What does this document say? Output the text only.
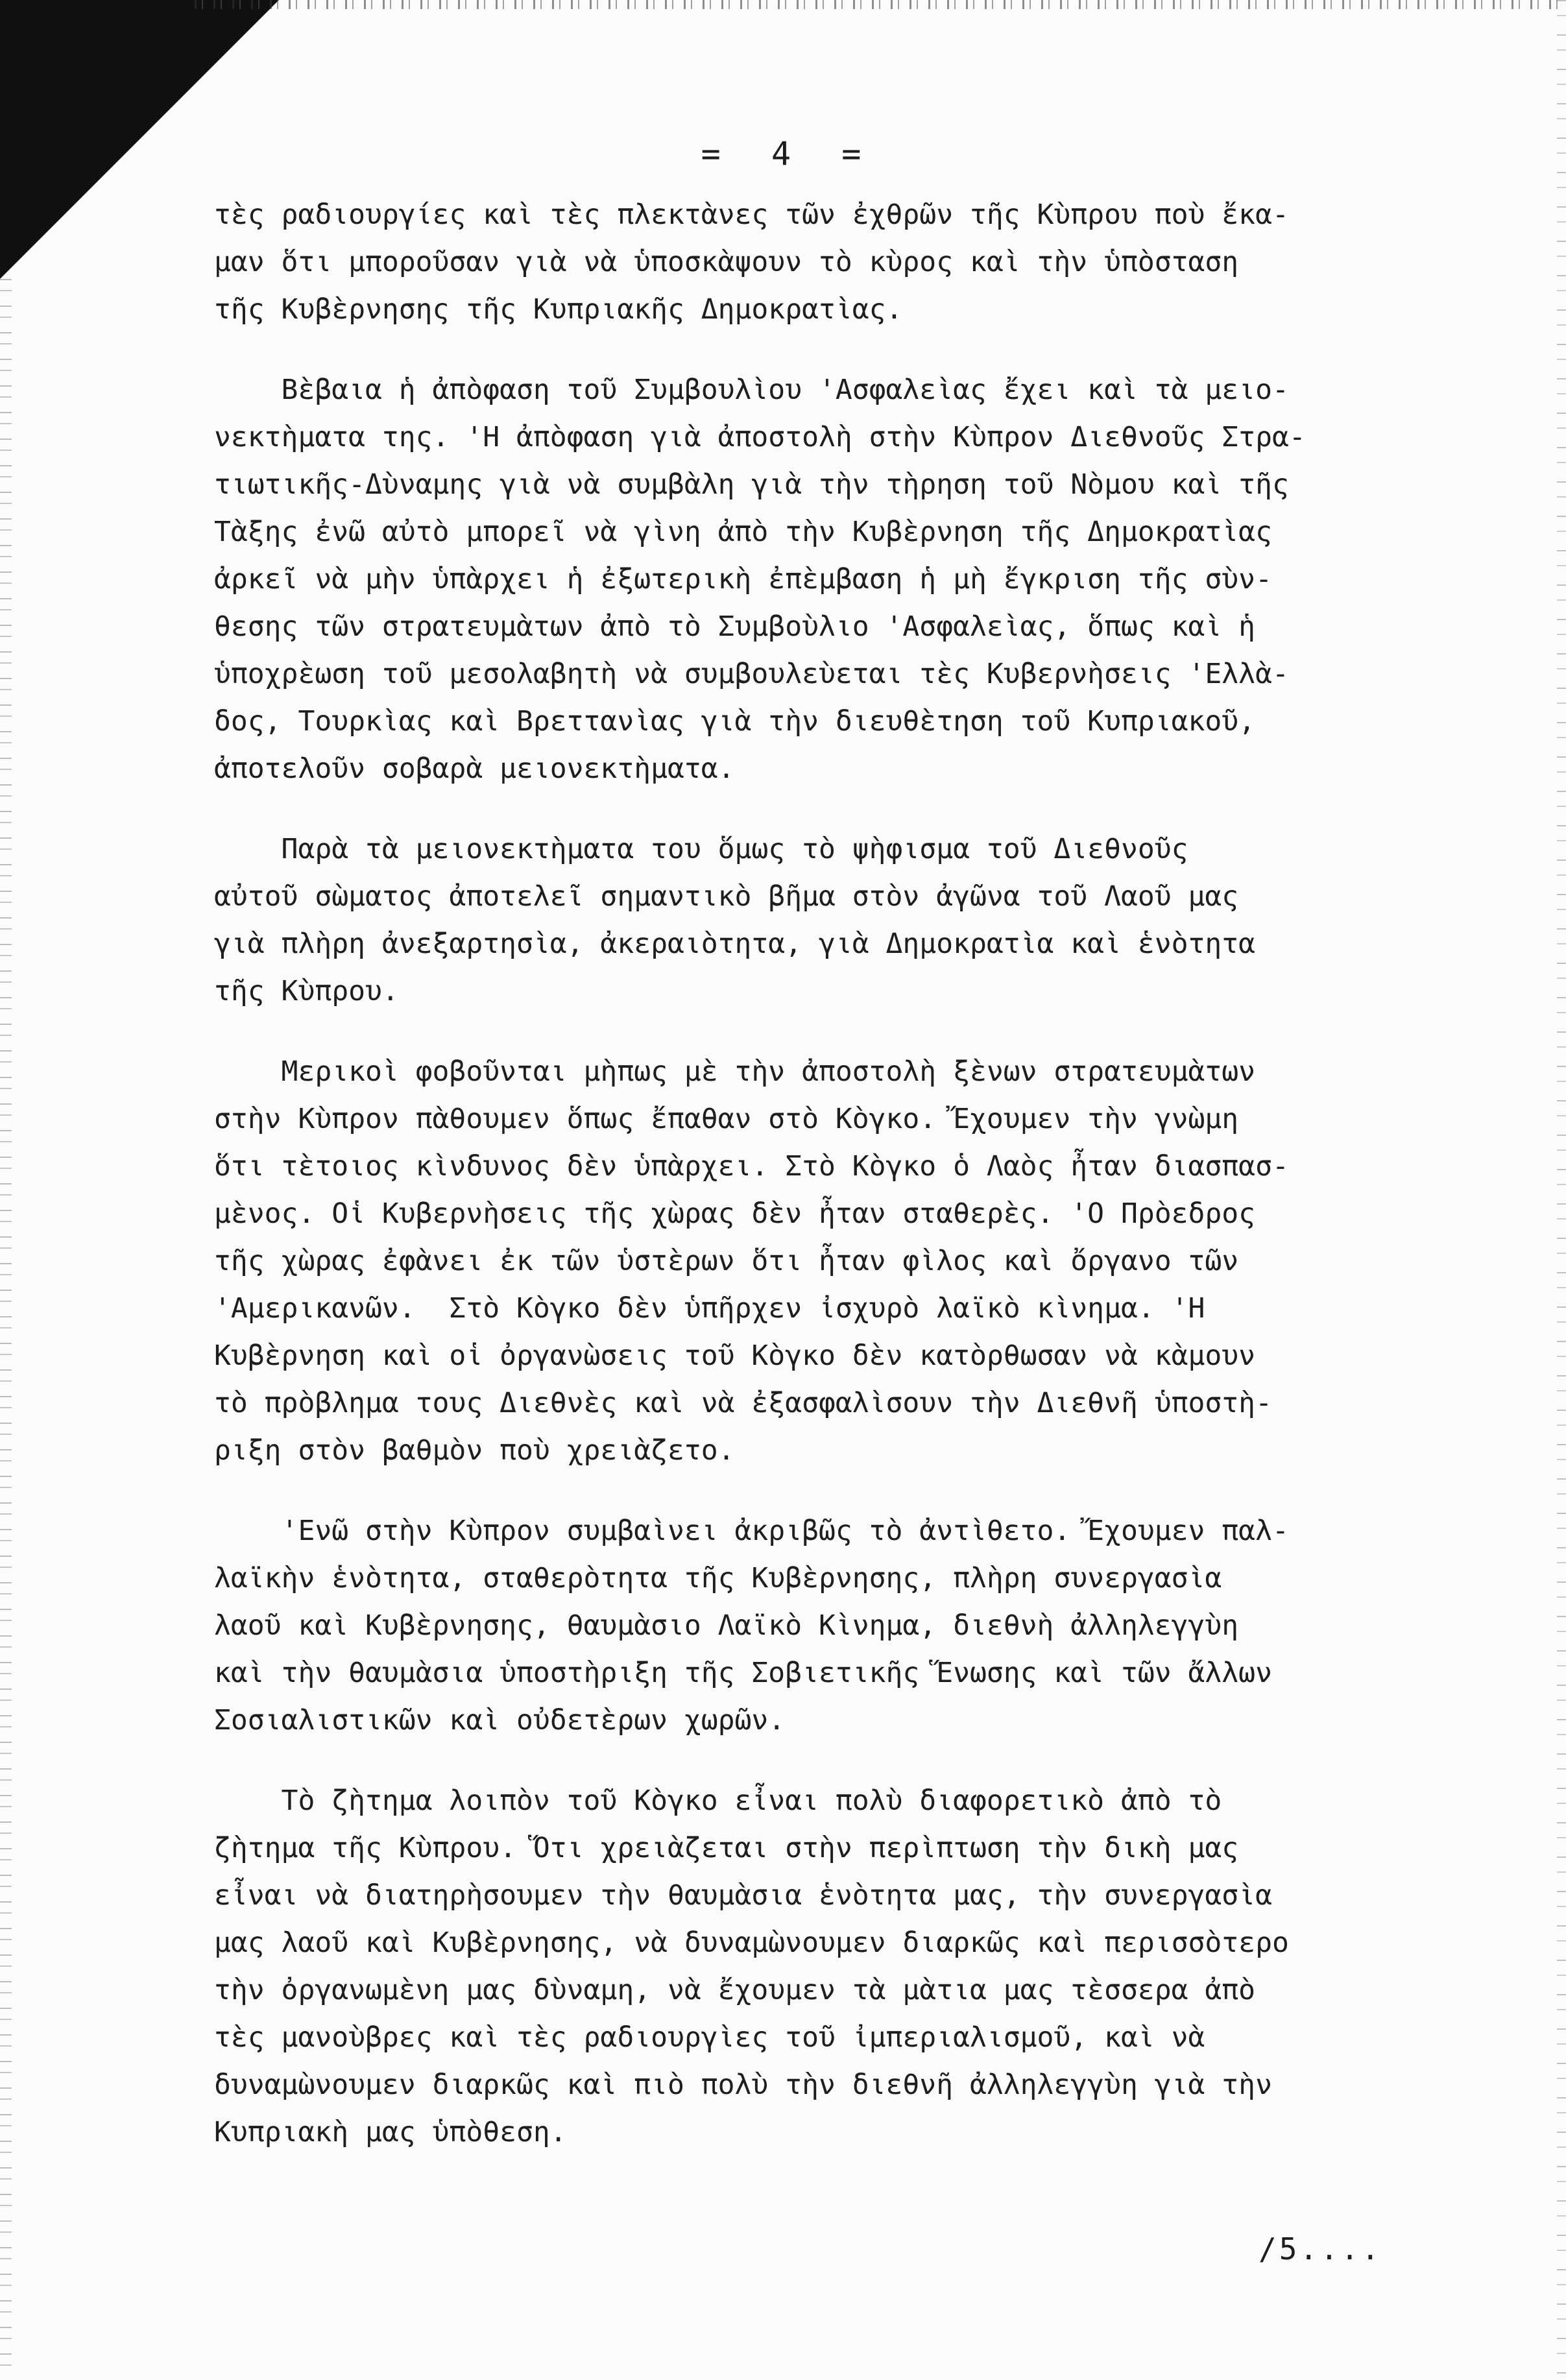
=  4  =
τὲς ραδιουργίες καὶ τὲς πλεκτὰνες τῶν ἐχθρῶν τῆς Κὺπρου ποὺ ἔκα-
μαν ὅτι μποροῦσαν γιὰ νὰ ὑποσκὰψουν τὸ κὺρος καὶ τὴν ὑπὸσταση
τῆς Κυβὲρνησης τῆς Κυπριακῆς Δημοκρατὶας.
Βὲβαια ἡ ἀπὸφαση τοῦ Συμβουλὶου 'Ασφαλεὶας ἔχει καὶ τὰ μειο-
νεκτὴματα της. 'Η ἀπὸφαση γιὰ ἀποστολὴ στὴν Κὺπρον Διεθνοῦς Στρα-
τιωτικῆς-Δὺναμης γιὰ νὰ συμβὰλη γιὰ τὴν τὴρηση τοῦ Νὸμου καὶ τῆς
Τὰξης ἐνῶ αὐτὸ μπορεῖ νὰ γὶνη ἀπὸ τὴν Κυβὲρνηση τῆς Δημοκρατὶας
ἀρκεῖ νὰ μὴν ὑπὰρχει ἡ ἐξωτερικὴ ἐπὲμβαση ἡ μὴ ἔγκριση τῆς σὺν-
θεσης τῶν στρατευμὰτων ἀπὸ τὸ Συμβοὺλιο 'Ασφαλεὶας, ὅπως καὶ ἡ
ὑποχρὲωση τοῦ μεσολαβητὴ νὰ συμβουλεὺεται τὲς Κυβερνὴσεις 'Ελλὰ-
δος, Τουρκὶας καὶ Βρεττανὶας γιὰ τὴν διευθὲτηση τοῦ Κυπριακοῦ,
ἀποτελοῦν σοβαρὰ μειονεκτὴματα.
Παρὰ τὰ μειονεκτὴματα του ὅμως τὸ ψὴφισμα τοῦ Διεθνοῦς
αὐτοῦ σὼματος ἀποτελεῖ σημαντικὸ βῆμα στὸν ἀγῶνα τοῦ Λαοῦ μας
γιὰ πλὴρη ἀνεξαρτησὶα, ἀκεραιὸτητα, γιὰ Δημοκρατὶα καὶ ἑνὸτητα
τῆς Κὺπρου.
Μερικοὶ φοβοῦνται μὴπως μὲ τὴν ἀποστολὴ ξὲνων στρατευμὰτων
στὴν Κὺπρον πὰθουμεν ὅπως ἔπαθαν στὸ Κὸγκο. Ἔχουμεν τὴν γνὼμη
ὅτι τὲτοιος κὶνδυνος δὲν ὑπὰρχει. Στὸ Κὸγκο ὁ Λαὸς ἦταν διασπασ-
μὲνος. Οἱ Κυβερνὴσεις τῆς χὼρας δὲν ἦταν σταθερὲς. 'Ο Πρὸεδρος
τῆς χὼρας ἐφὰνει ἐκ τῶν ὑστὲρων ὅτι ἦταν φὶλος καὶ ὄργανο τῶν
'Αμερικανῶν.  Στὸ Κὸγκο δὲν ὑπῆρχεν ἰσχυρὸ λαϊκὸ κὶνημα. 'Η
Κυβὲρνηση καὶ οἱ ὀργανὼσεις τοῦ Κὸγκο δὲν κατὸρθωσαν νὰ κὰμουν
τὸ πρὸβλημα τους Διεθνὲς καὶ νὰ ἐξασφαλὶσουν τὴν Διεθνῆ ὑποστὴ-
ριξη στὸν βαθμὸν ποὺ χρειὰζετο.
'Ενῶ στὴν Κὺπρον συμβαὶνει ἀκριβῶς τὸ ἀντὶθετο. Ἔχουμεν παλ-
λαϊκὴν ἑνὸτητα, σταθερὸτητα τῆς Κυβὲρνησης, πλὴρη συνεργασὶα
λαοῦ καὶ Κυβὲρνησης, θαυμὰσιο Λαϊκὸ Κὶνημα, διεθνὴ ἀλληλεγγὺη
καὶ τὴν θαυμὰσια ὑποστὴριξη τῆς Σοβιετικῆς Ἕνωσης καὶ τῶν ἄλλων
Σοσιαλιστικῶν καὶ οὐδετὲρων χωρῶν.
Τὸ ζὴτημα λοιπὸν τοῦ Κὸγκο εἶναι πολὺ διαφορετικὸ ἀπὸ τὸ
ζὴτημα τῆς Κὺπρου. Ὅτι χρειὰζεται στὴν περὶπτωση τὴν δικὴ μας
εἶναι νὰ διατηρὴσουμεν τὴν θαυμὰσια ἑνὸτητα μας, τὴν συνεργασὶα
μας λαοῦ καὶ Κυβὲρνησης, νὰ δυναμὼνουμεν διαρκῶς καὶ περισσὸτερο
τὴν ὀργανωμὲνη μας δὺναμη, νὰ ἔχουμεν τὰ μὰτια μας τὲσσερα ἀπὸ
τὲς μανοὺβρες καὶ τὲς ραδιουργὶες τοῦ ἰμπεριαλισμοῦ, καὶ νὰ
δυναμὼνουμεν διαρκῶς καὶ πιὸ πολὺ τὴν διεθνῆ ἀλληλεγγὺη γιὰ τὴν
Κυπριακὴ μας ὑπὸθεση.
/5....
